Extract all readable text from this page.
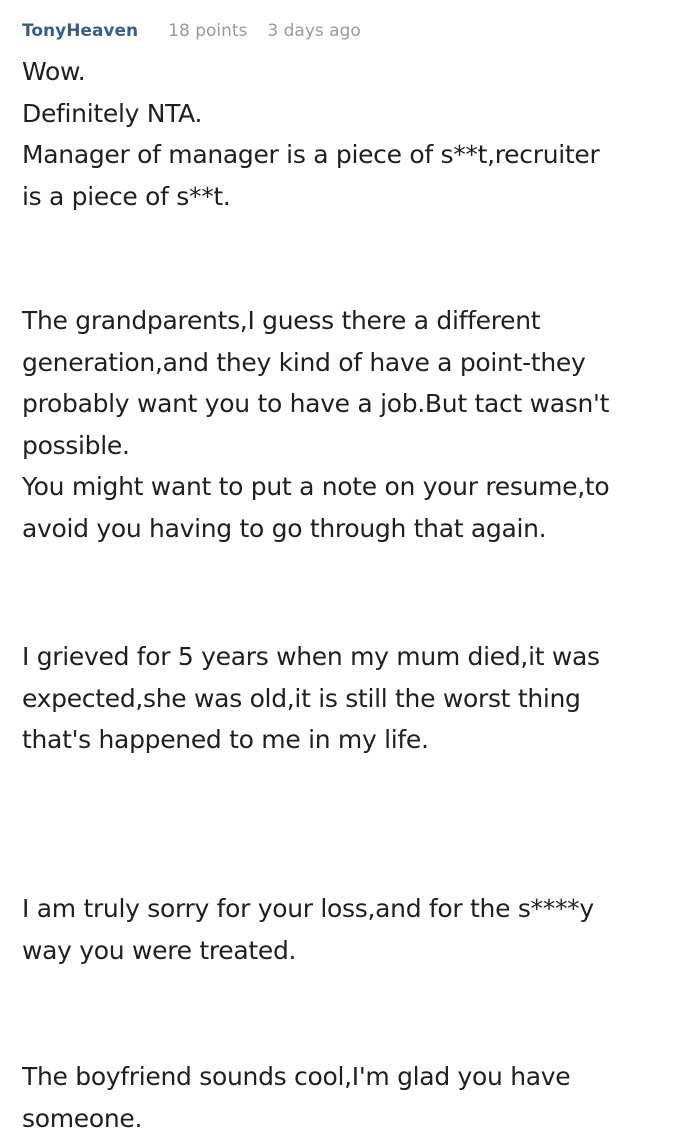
TonyHeaven 18 points 3 days ago
Wow.
Definitely NTA.
Manager of manager is a piece of s**t,recruiter
is a piece of s**t.
The grandparents,I guess there a different
generation,and they kind of have a point-they
probably want you to have a job.But tact wasn't
possible.
You might want to put a note on your resume,to
avoid you having to go through that again.
I grieved for 5 years when my mum died,it was
expected,she was old,it is still the worst thing
that's happened to me in my life.
I am truly sorry for your loss,and for the s****y
way you were treated.
The boyfriend sounds cool,I'm glad you have
someone.
